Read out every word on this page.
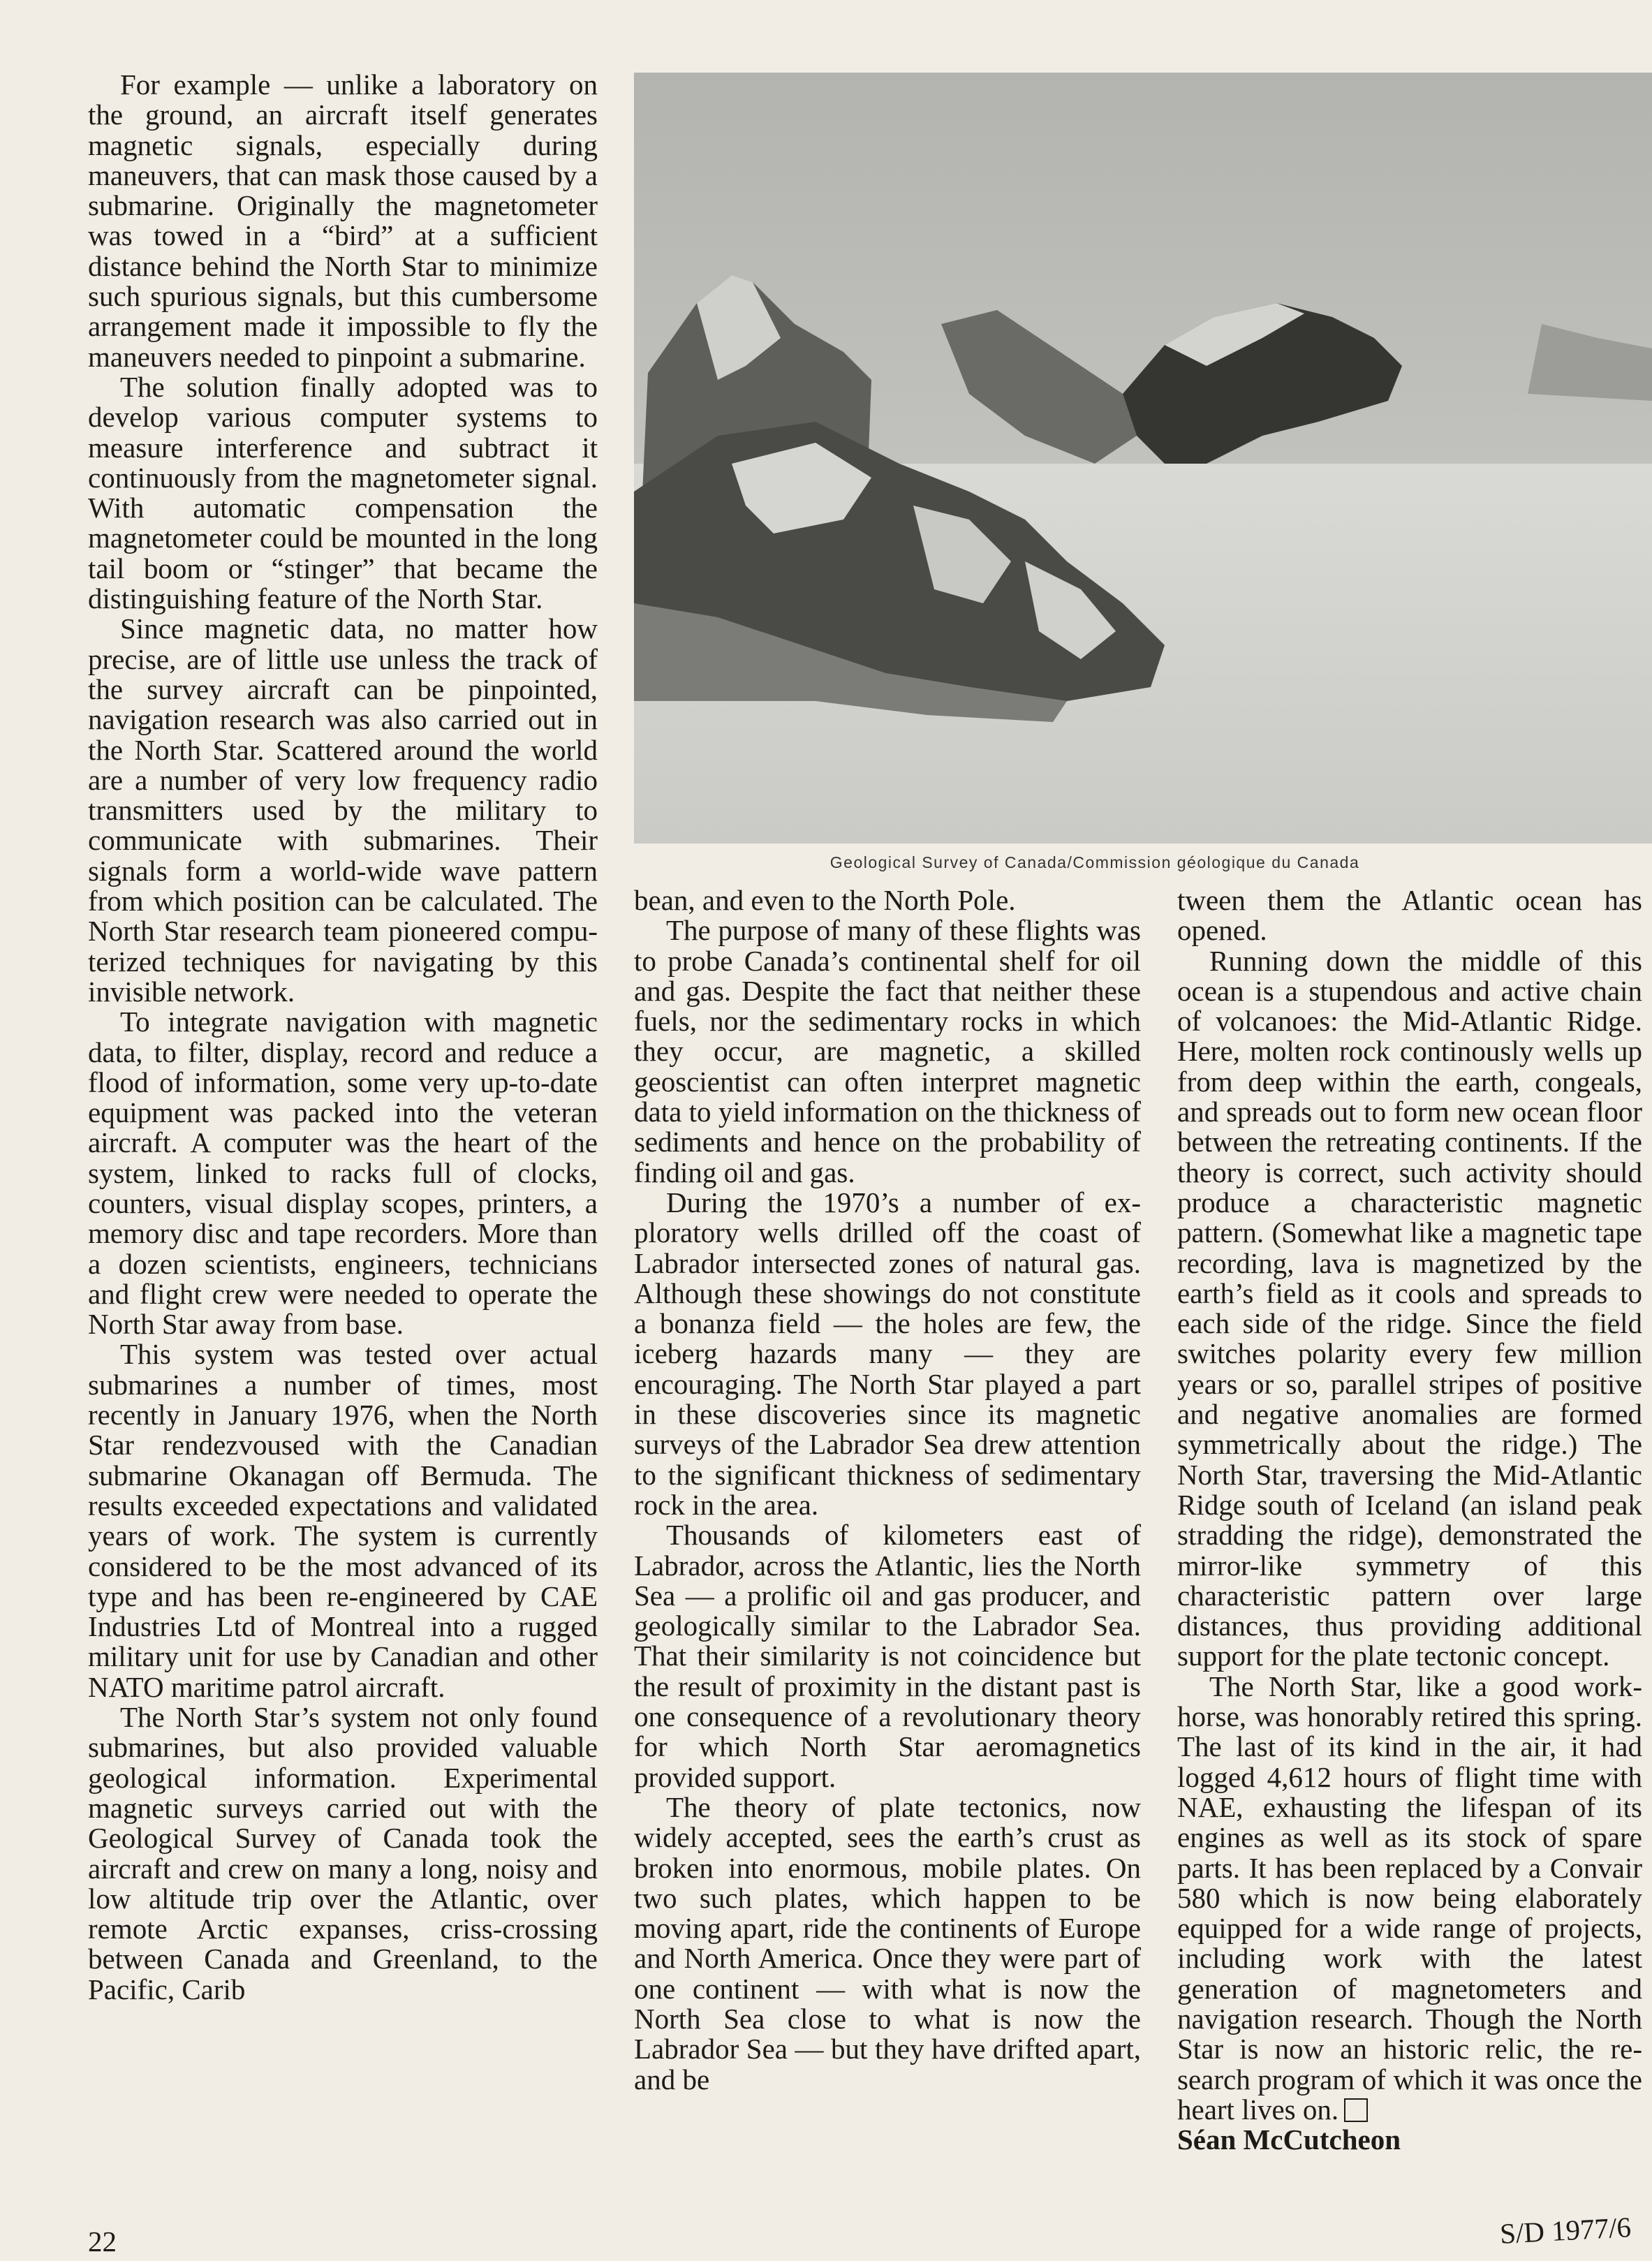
For example — unlike a laboratory on the ground, an aircraft itself generates magnetic signals, especially during maneuvers, that can mask those caused by a submarine. Originally the magnetometer was towed in a “bird” at a sufficient distance behind the North Star to minimize such spurious signals, but this cumbersome arrangement made it impossible to fly the maneuvers needed to pinpoint a submarine.

The solution finally adopted was to develop various computer systems to measure interference and subtract it continuously from the magnetometer signal. With automatic compensation the magnetometer could be mounted in the long tail boom or “stinger” that became the distinguishing feature of the North Star.

Since magnetic data, no matter how precise, are of little use unless the track of the survey aircraft can be pinpointed, navigation research was also carried out in the North Star. Scattered around the world are a number of very low frequency radio transmitters used by the military to communicate with submarines. Their signals form a world-wide wave pattern from which position can be calculated. The North Star research team pioneered computerized techniques for navigating by this invisible network.

To integrate navigation with magnetic data, to filter, display, record and reduce a flood of information, some very up-to-date equipment was packed into the veteran aircraft. A computer was the heart of the system, linked to racks full of clocks, counters, visual display scopes, printers, a memory disc and tape recorders. More than a dozen scientists, engineers, technicians and flight crew were needed to operate the North Star away from base.

This system was tested over actual submarines a number of times, most recently in January 1976, when the North Star rendezvoused with the Canadian submarine Okanagan off Bermuda. The results exceeded expectations and validated years of work. The system is currently considered to be the most advanced of its type and has been re-engineered by CAE Industries Ltd of Montreal into a rugged military unit for use by Canadian and other NATO maritime patrol aircraft.

The North Star’s system not only found submarines, but also provided valuable geological information. Experimental magnetic surveys carried out with the Geological Survey of Canada took the aircraft and crew on many a long, noisy and low altitude trip over the Atlantic, over remote Arctic expanses, criss-crossing between Canada and Greenland, to the Pacific, Carib

Geological Survey of Canada/Commission géologique du Canada

bean, and even to the North Pole.

The purpose of many of these flights was to probe Canada’s continental shelf for oil and gas. Despite the fact that neither these fuels, nor the sedimentary rocks in which they occur, are magnetic, a skilled geoscientist can often interpret magnetic data to yield information on the thickness of sediments and hence on the probability of finding oil and gas.

During the 1970’s a number of exploratory wells drilled off the coast of Labrador intersected zones of natural gas. Although these showings do not constitute a bonanza field — the holes are few, the iceberg hazards many — they are encouraging. The North Star played a part in these discoveries since its magnetic surveys of the Labrador Sea drew attention to the significant thickness of sedimentary rock in the area.

Thousands of kilometers east of Labrador, across the Atlantic, lies the North Sea — a prolific oil and gas producer, and geologically similar to the Labrador Sea. That their similarity is not coincidence but the result of proximity in the distant past is one consequence of a revolutionary theory for which North Star aeromagnetics provided support.

The theory of plate tectonics, now widely accepted, sees the earth’s crust as broken into enormous, mobile plates. On two such plates, which happen to be moving apart, ride the continents of Europe and North America. Once they were part of one continent — with what is now the North Sea close to what is now the Labrador Sea — but they have drifted apart, and be

tween them the Atlantic ocean has opened.

Running down the middle of this ocean is a stupendous and active chain of volcanoes: the Mid-Atlantic Ridge. Here, molten rock continously wells up from deep within the earth, congeals, and spreads out to form new ocean floor between the retreating continents. If the theory is correct, such activity should produce a characteristic magnetic pattern. (Somewhat like a magnetic tape recording, lava is magnetized by the earth’s field as it cools and spreads to each side of the ridge. Since the field switches polarity every few million years or so, parallel stripes of positive and negative anomalies are formed symmetrically about the ridge.) The North Star, traversing the Mid-Atlantic Ridge south of Iceland (an island peak stradding the ridge), demonstrated the mirror-like symmetry of this characteristic pattern over large distances, thus providing additional support for the plate tectonic concept.

The North Star, like a good workhorse, was honorably retired this spring. The last of its kind in the air, it had logged 4,612 hours of flight time with NAE, exhausting the lifespan of its engines as well as its stock of spare parts. It has been replaced by a Convair 580 which is now being elaborately equipped for a wide range of projects, including work with the latest generation of magnetometers and navigation research. Though the North Star is now an historic relic, the research program of which it was once the heart lives on.

Séan McCutcheon

22	S/D 1977/6
